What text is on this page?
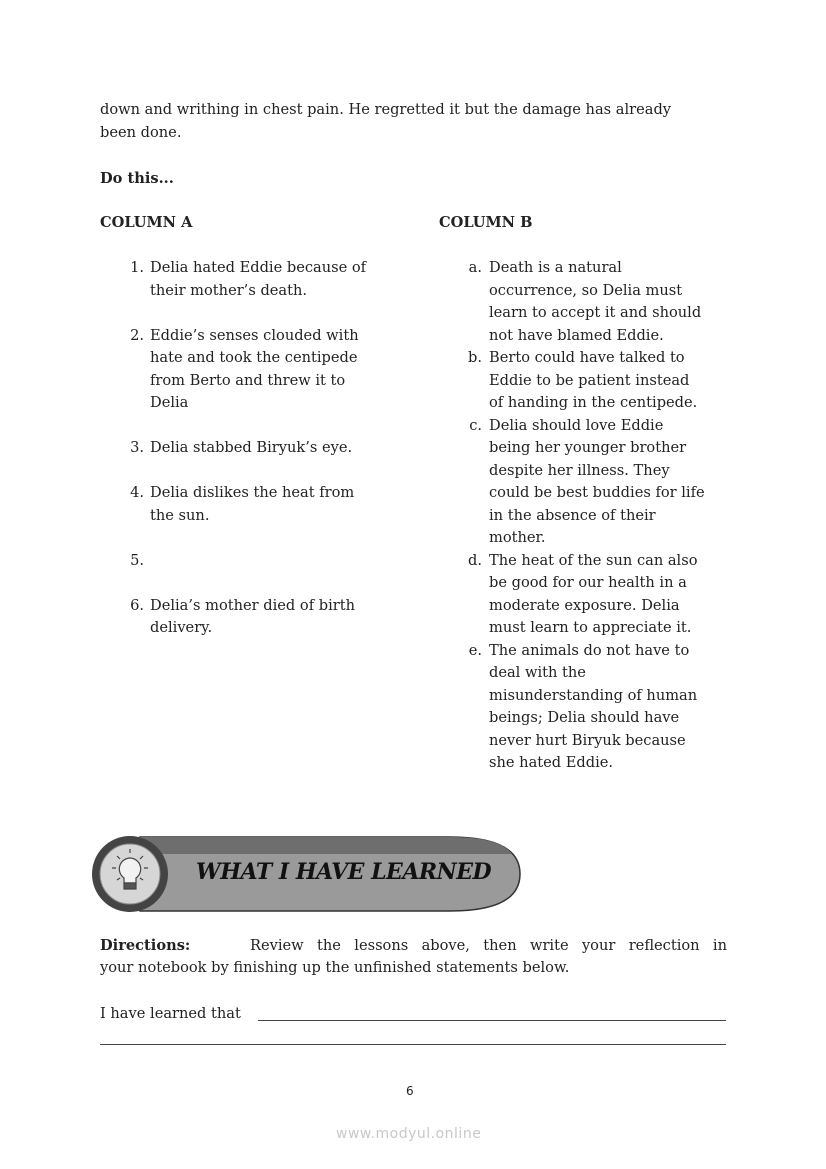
down and writhing in chest pain. He regretted it but the damage has already
been done.
Do this...
COLUMN A	COLUMN B
1. Delia hated Eddie because of
their mother’s death.
2. Eddie’s senses clouded with
hate and took the centipede
from Berto and threw it to
Delia
3. Delia stabbed Biryuk’s eye.
4. Delia dislikes the heat from
the sun.
5.
6. Delia’s mother died of birth
delivery.
a. Death is a natural
occurrence, so Delia must
learn to accept it and should
not have blamed Eddie.
b. Berto could have talked to
Eddie to be patient instead
of handing in the centipede.
c. Delia should love Eddie
being her younger brother
despite her illness. They
could be best buddies for life
in the absence of their
mother.
d. The heat of the sun can also
be good for our health in a
moderate exposure. Delia
must learn to appreciate it.
e. The animals do not have to
deal with the
misunderstanding of human
beings; Delia should have
never hurt Biryuk because
she hated Eddie.
WHAT I HAVE LEARNED
Directions:	Review the lessons above, then write your reflection in
your notebook by finishing up the unfinished statements below.
I have learned that
6
www.modyul.online
